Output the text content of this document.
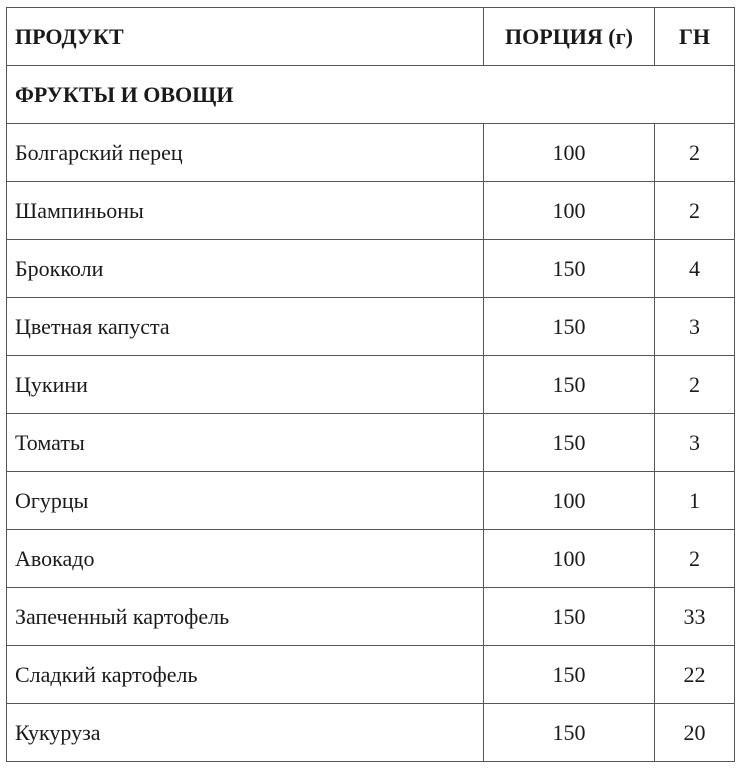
ПРОДУКТ	ПОРЦИЯ (г)	ГН
ФРУКТЫ И ОВОЩИ		
Болгарский перец	100	2
Шампиньоны	100	2
Брокколи	150	4
Цветная капуста	150	3
Цукини	150	2
Томаты	150	3
Огурцы	100	1
Авокадо	100	2
Запеченный картофель	150	33
Сладкий картофель	150	22
Кукуруза	150	20
